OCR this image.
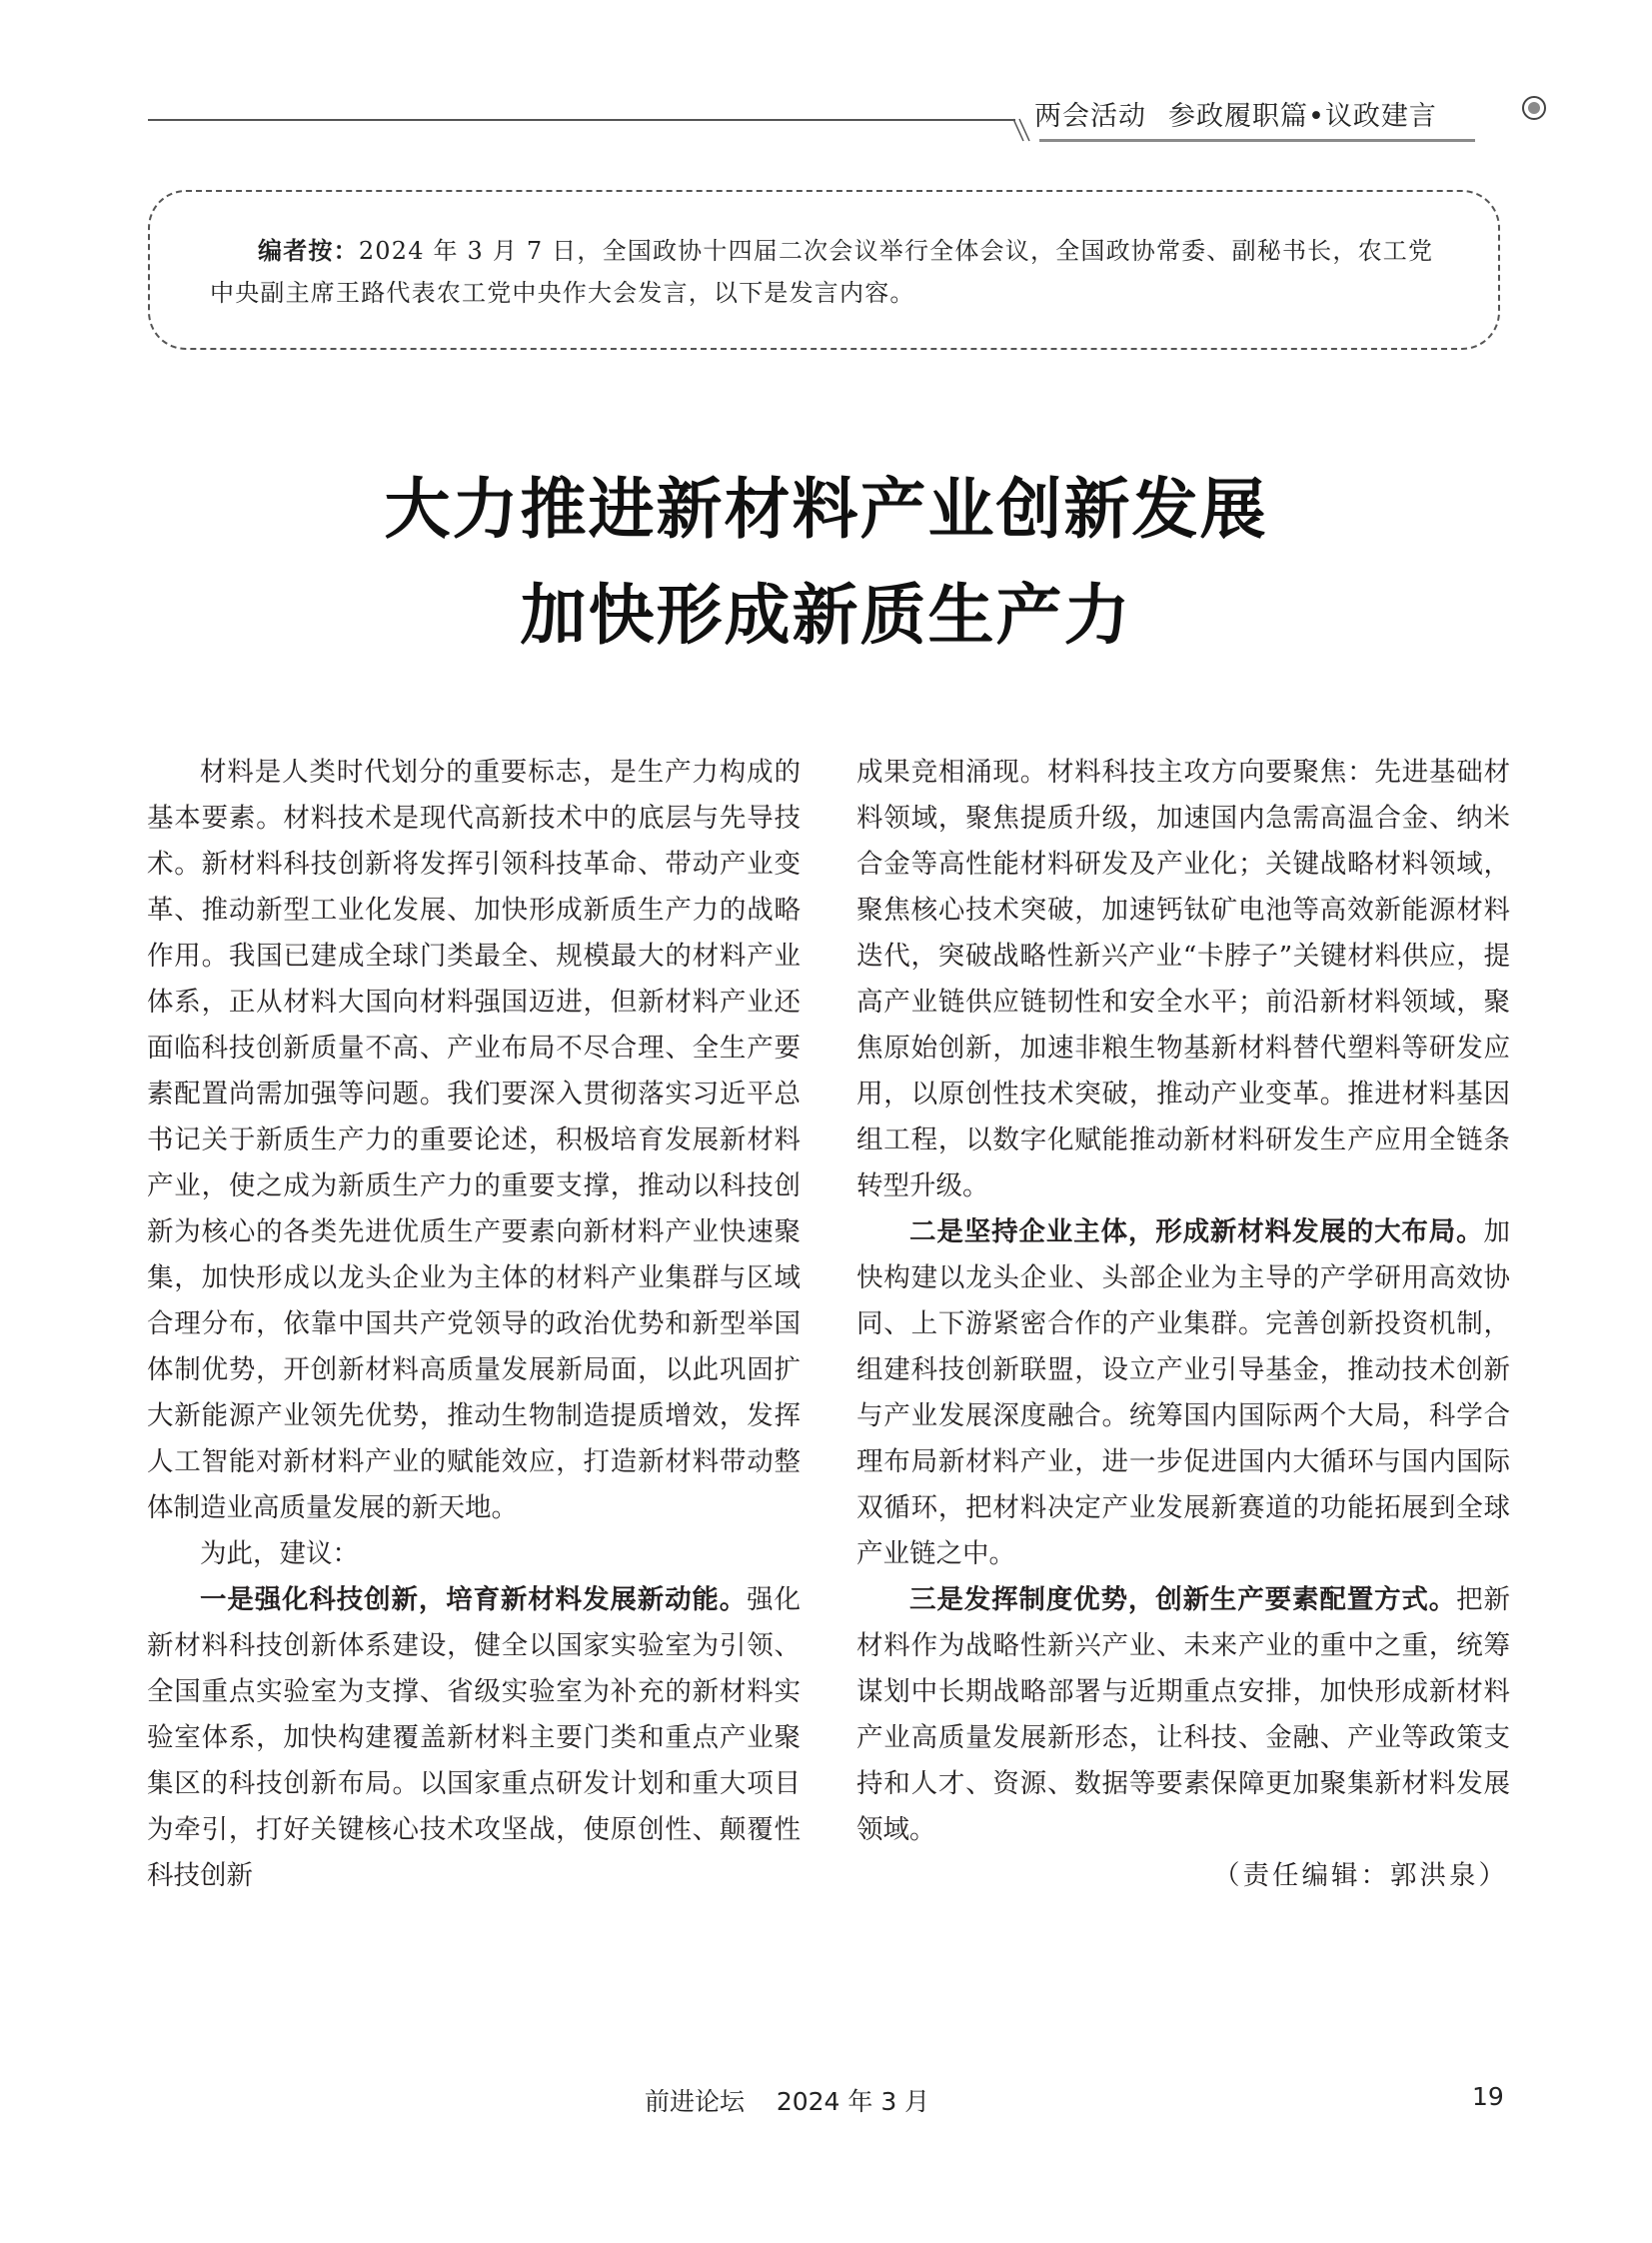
两会活动 参政履职篇•议政建言
编者按：2024 年 3 月 7 日，全国政协十四届二次会议举行全体会议，全国政协常委、副秘书长，农工党中央副主席王路代表农工党中央作大会发言，以下是发言内容。
大力推进新材料产业创新发展
加快形成新质生产力

材料是人类时代划分的重要标志，是生产力构成的基本要素。材料技术是现代高新技术中的底层与先导技术。新材料科技创新将发挥引领科技革命、带动产业变革、推动新型工业化发展、加快形成新质生产力的战略作用。我国已建成全球门类最全、规模最大的材料产业体系，正从材料大国向材料强国迈进，但新材料产业还面临科技创新质量不高、产业布局不尽合理、全生产要素配置尚需加强等问题。我们要深入贯彻落实习近平总书记关于新质生产力的重要论述，积极培育发展新材料产业，使之成为新质生产力的重要支撑，推动以科技创新为核心的各类先进优质生产要素向新材料产业快速聚集，加快形成以龙头企业为主体的材料产业集群与区域合理分布，依靠中国共产党领导的政治优势和新型举国体制优势，开创新材料高质量发展新局面，以此巩固扩大新能源产业领先优势，推动生物制造提质增效，发挥人工智能对新材料产业的赋能效应，打造新材料带动整体制造业高质量发展的新天地。

为此，建议：

一是强化科技创新，培育新材料发展新动能。强化新材料科技创新体系建设，健全以国家实验室为引领、全国重点实验室为支撑、省级实验室为补充的新材料实验室体系，加快构建覆盖新材料主要门类和重点产业聚集区的科技创新布局。以国家重点研发计划和重大项目为牵引，打好关键核心技术攻坚战，使原创性、颠覆性科技创新

成果竞相涌现。材料科技主攻方向要聚焦：先进基础材料领域，聚焦提质升级，加速国内急需高温合金、纳米合金等高性能材料研发及产业化；关键战略材料领域，聚焦核心技术突破，加速钙钛矿电池等高效新能源材料迭代，突破战略性新兴产业“卡脖子”关键材料供应，提高产业链供应链韧性和安全水平；前沿新材料领域，聚焦原始创新，加速非粮生物基新材料替代塑料等研发应用，以原创性技术突破，推动产业变革。推进材料基因组工程，以数字化赋能推动新材料研发生产应用全链条转型升级。

二是坚持企业主体，形成新材料发展的大布局。加快构建以龙头企业、头部企业为主导的产学研用高效协同、上下游紧密合作的产业集群。完善创新投资机制，组建科技创新联盟，设立产业引导基金，推动技术创新与产业发展深度融合。统筹国内国际两个大局，科学合理布局新材料产业，进一步促进国内大循环与国内国际双循环，把材料决定产业发展新赛道的功能拓展到全球产业链之中。

三是发挥制度优势，创新生产要素配置方式。把新材料作为战略性新兴产业、未来产业的重中之重，统筹谋划中长期战略部署与近期重点安排，加快形成新材料产业高质量发展新形态，让科技、金融、产业等政策支持和人才、资源、数据等要素保障更加聚集新材料发展领域。

（责任编辑：郭洪泉）

前进论坛 2024 年 3 月	19
